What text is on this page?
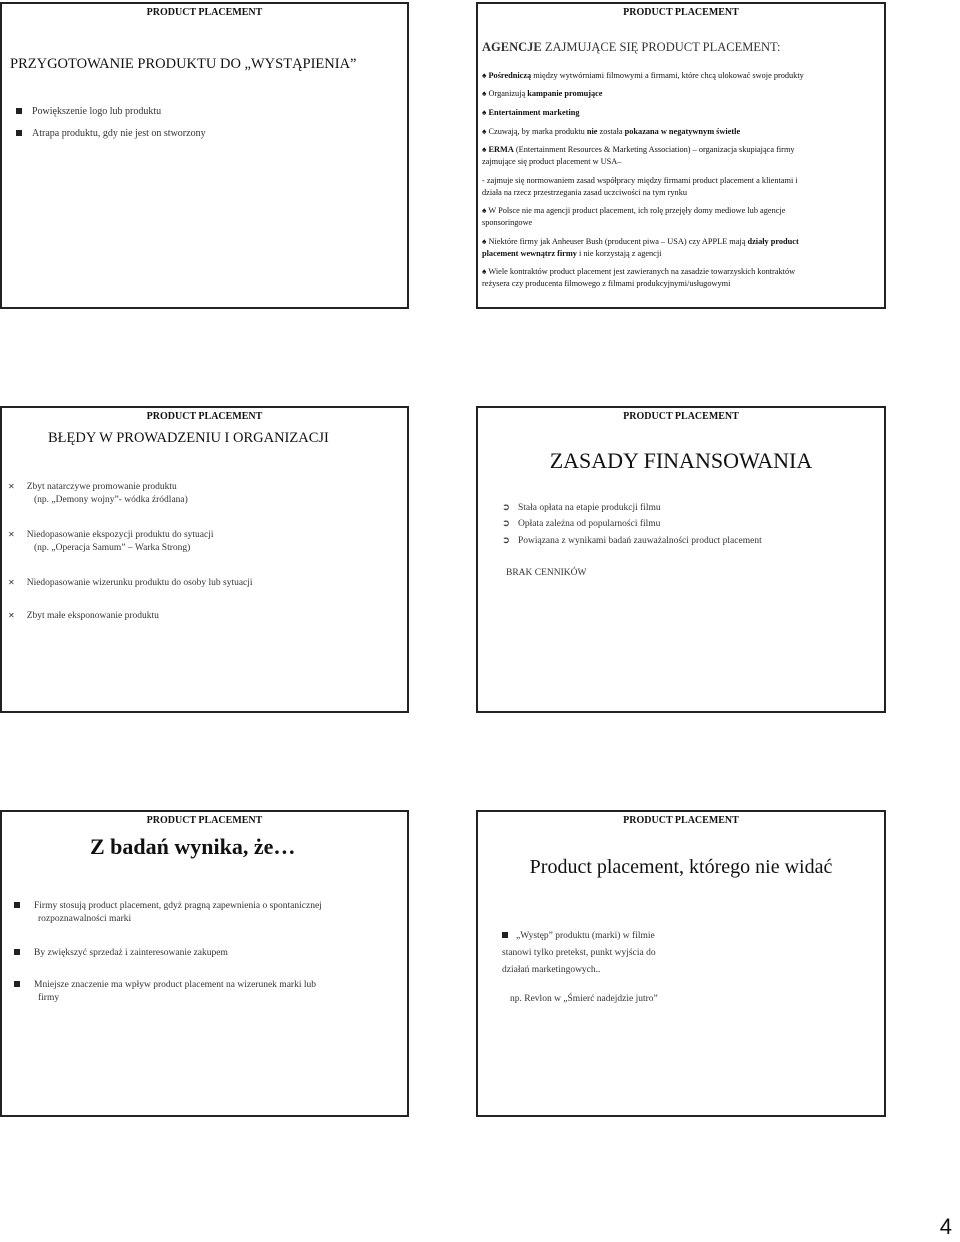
PRODUCT PLACEMENT
PRZYGOTOWANIE PRODUKTU DO „WYSTĄPIENIA”
Powiększenie logo lub produktu
Atrapa produktu, gdy nie jest on stworzony
PRODUCT PLACEMENT
AGENCJE ZAJMUJĄCE SIĘ PRODUCT PLACEMENT:
♠ Pośredniczą między wytwórniami filmowymi a firmami, które chcą ulokować swoje produkty
♠ Organizują kampanie promujące
♠ Entertainment marketing
♠ Czuwają, by marka produktu nie została pokazana w negatywnym świetle
♠ ERMA (Entertainment Resources & Marketing Association) – organizacja skupiająca firmy
zajmujące się product placement w USA–
- zajmuje się normowaniem zasad współpracy między firmami product placement a klientami i
działa na rzecz przestrzegania zasad uczciwości na tym rynku
♠ W Polsce nie ma agencji product placement, ich rolę przejęły domy mediowe lub agencje
sponsoringowe
♠ Niektóre firmy jak Anheuser Bush (producent piwa – USA) czy APPLE mają działy product
placement wewnątrz firmy i nie korzystają z agencji
♠ Wiele kontraktów product placement jest zawieranych na zasadzie towarzyskich kontraktów
reżysera czy producenta filmowego z filmami produkcyjnymi/usługowymi
PRODUCT PLACEMENT
BŁĘDY W PROWADZENIU I ORGANIZACJI
✕ Zbyt natarczywe promowanie produktu
(np. „Demony wojny”- wódka źródlana)
✕ Niedopasowanie ekspozycji produktu do sytuacji
(np. „Operacja Samum” – Warka Strong)
✕ Niedopasowanie wizerunku produktu do osoby lub sytuacji
✕ Zbyt małe eksponowanie produktu
PRODUCT PLACEMENT
ZASADY FINANSOWANIA
➲ Stała opłata na etapie produkcji filmu
➲ Opłata zależna od popularności filmu
➲ Powiązana z wynikami badań zauważalności product placement
BRAK CENNIKÓW
PRODUCT PLACEMENT
Z badań wynika, że…
Firmy stosują product placement, gdyż pragną zapewnienia o spontanicznej
rozpoznawalności marki
By zwiększyć sprzedaż i zainteresowanie zakupem
Mniejsze znaczenie ma wpływ product placement na wizerunek marki lub
firmy
PRODUCT PLACEMENT
Product placement, którego nie widać
„Występ” produktu (marki) w filmie
stanowi tylko pretekst, punkt wyjścia do
działań marketingowych..
np. Revlon w „Śmierć nadejdzie jutro”
4
